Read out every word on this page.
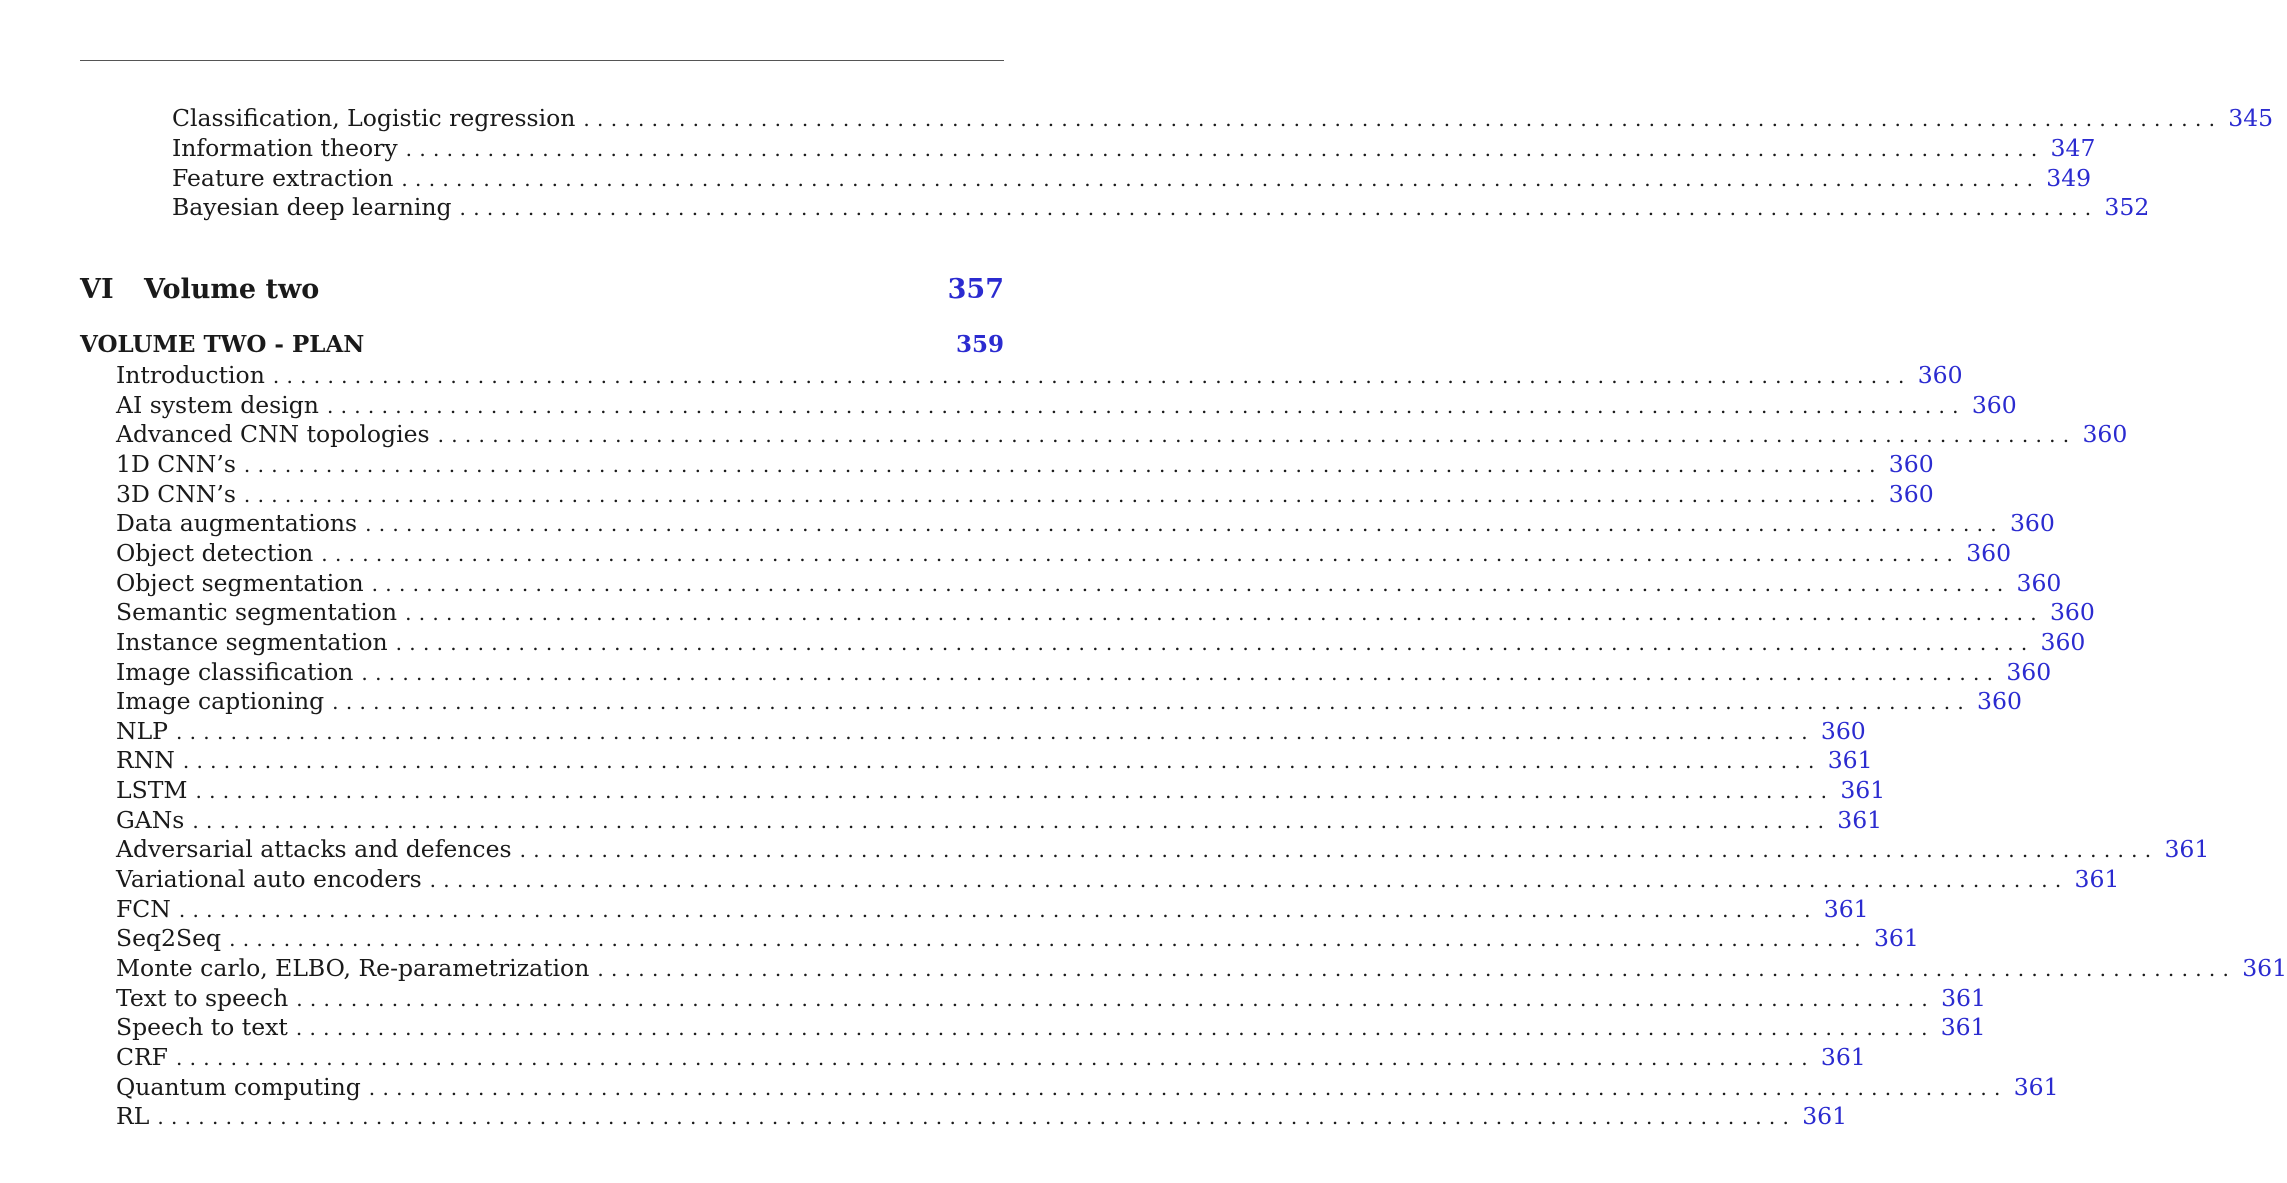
Classification, Logistic regression ........................................................................................................................ 345
Information theory ........................................................................................................................ 347
Feature extraction ........................................................................................................................ 349
Bayesian deep learning ........................................................................................................................ 352
VI	Volume two	357
VOLUME TWO - PLAN	359
Introduction ........................................................................................................................ 360
AI system design ........................................................................................................................ 360
Advanced CNN topologies ........................................................................................................................ 360
1D CNN’s ........................................................................................................................ 360
3D CNN’s ........................................................................................................................ 360
Data augmentations ........................................................................................................................ 360
Object detection ........................................................................................................................ 360
Object segmentation ........................................................................................................................ 360
Semantic segmentation ........................................................................................................................ 360
Instance segmentation ........................................................................................................................ 360
Image classification ........................................................................................................................ 360
Image captioning ........................................................................................................................ 360
NLP ........................................................................................................................ 360
RNN ........................................................................................................................ 361
LSTM ........................................................................................................................ 361
GANs ........................................................................................................................ 361
Adversarial attacks and defences ........................................................................................................................ 361
Variational auto encoders ........................................................................................................................ 361
FCN ........................................................................................................................ 361
Seq2Seq ........................................................................................................................ 361
Monte carlo, ELBO, Re-parametrization ........................................................................................................................ 361
Text to speech ........................................................................................................................ 361
Speech to text ........................................................................................................................ 361
CRF ........................................................................................................................ 361
Quantum computing ........................................................................................................................ 361
RL ........................................................................................................................ 361
